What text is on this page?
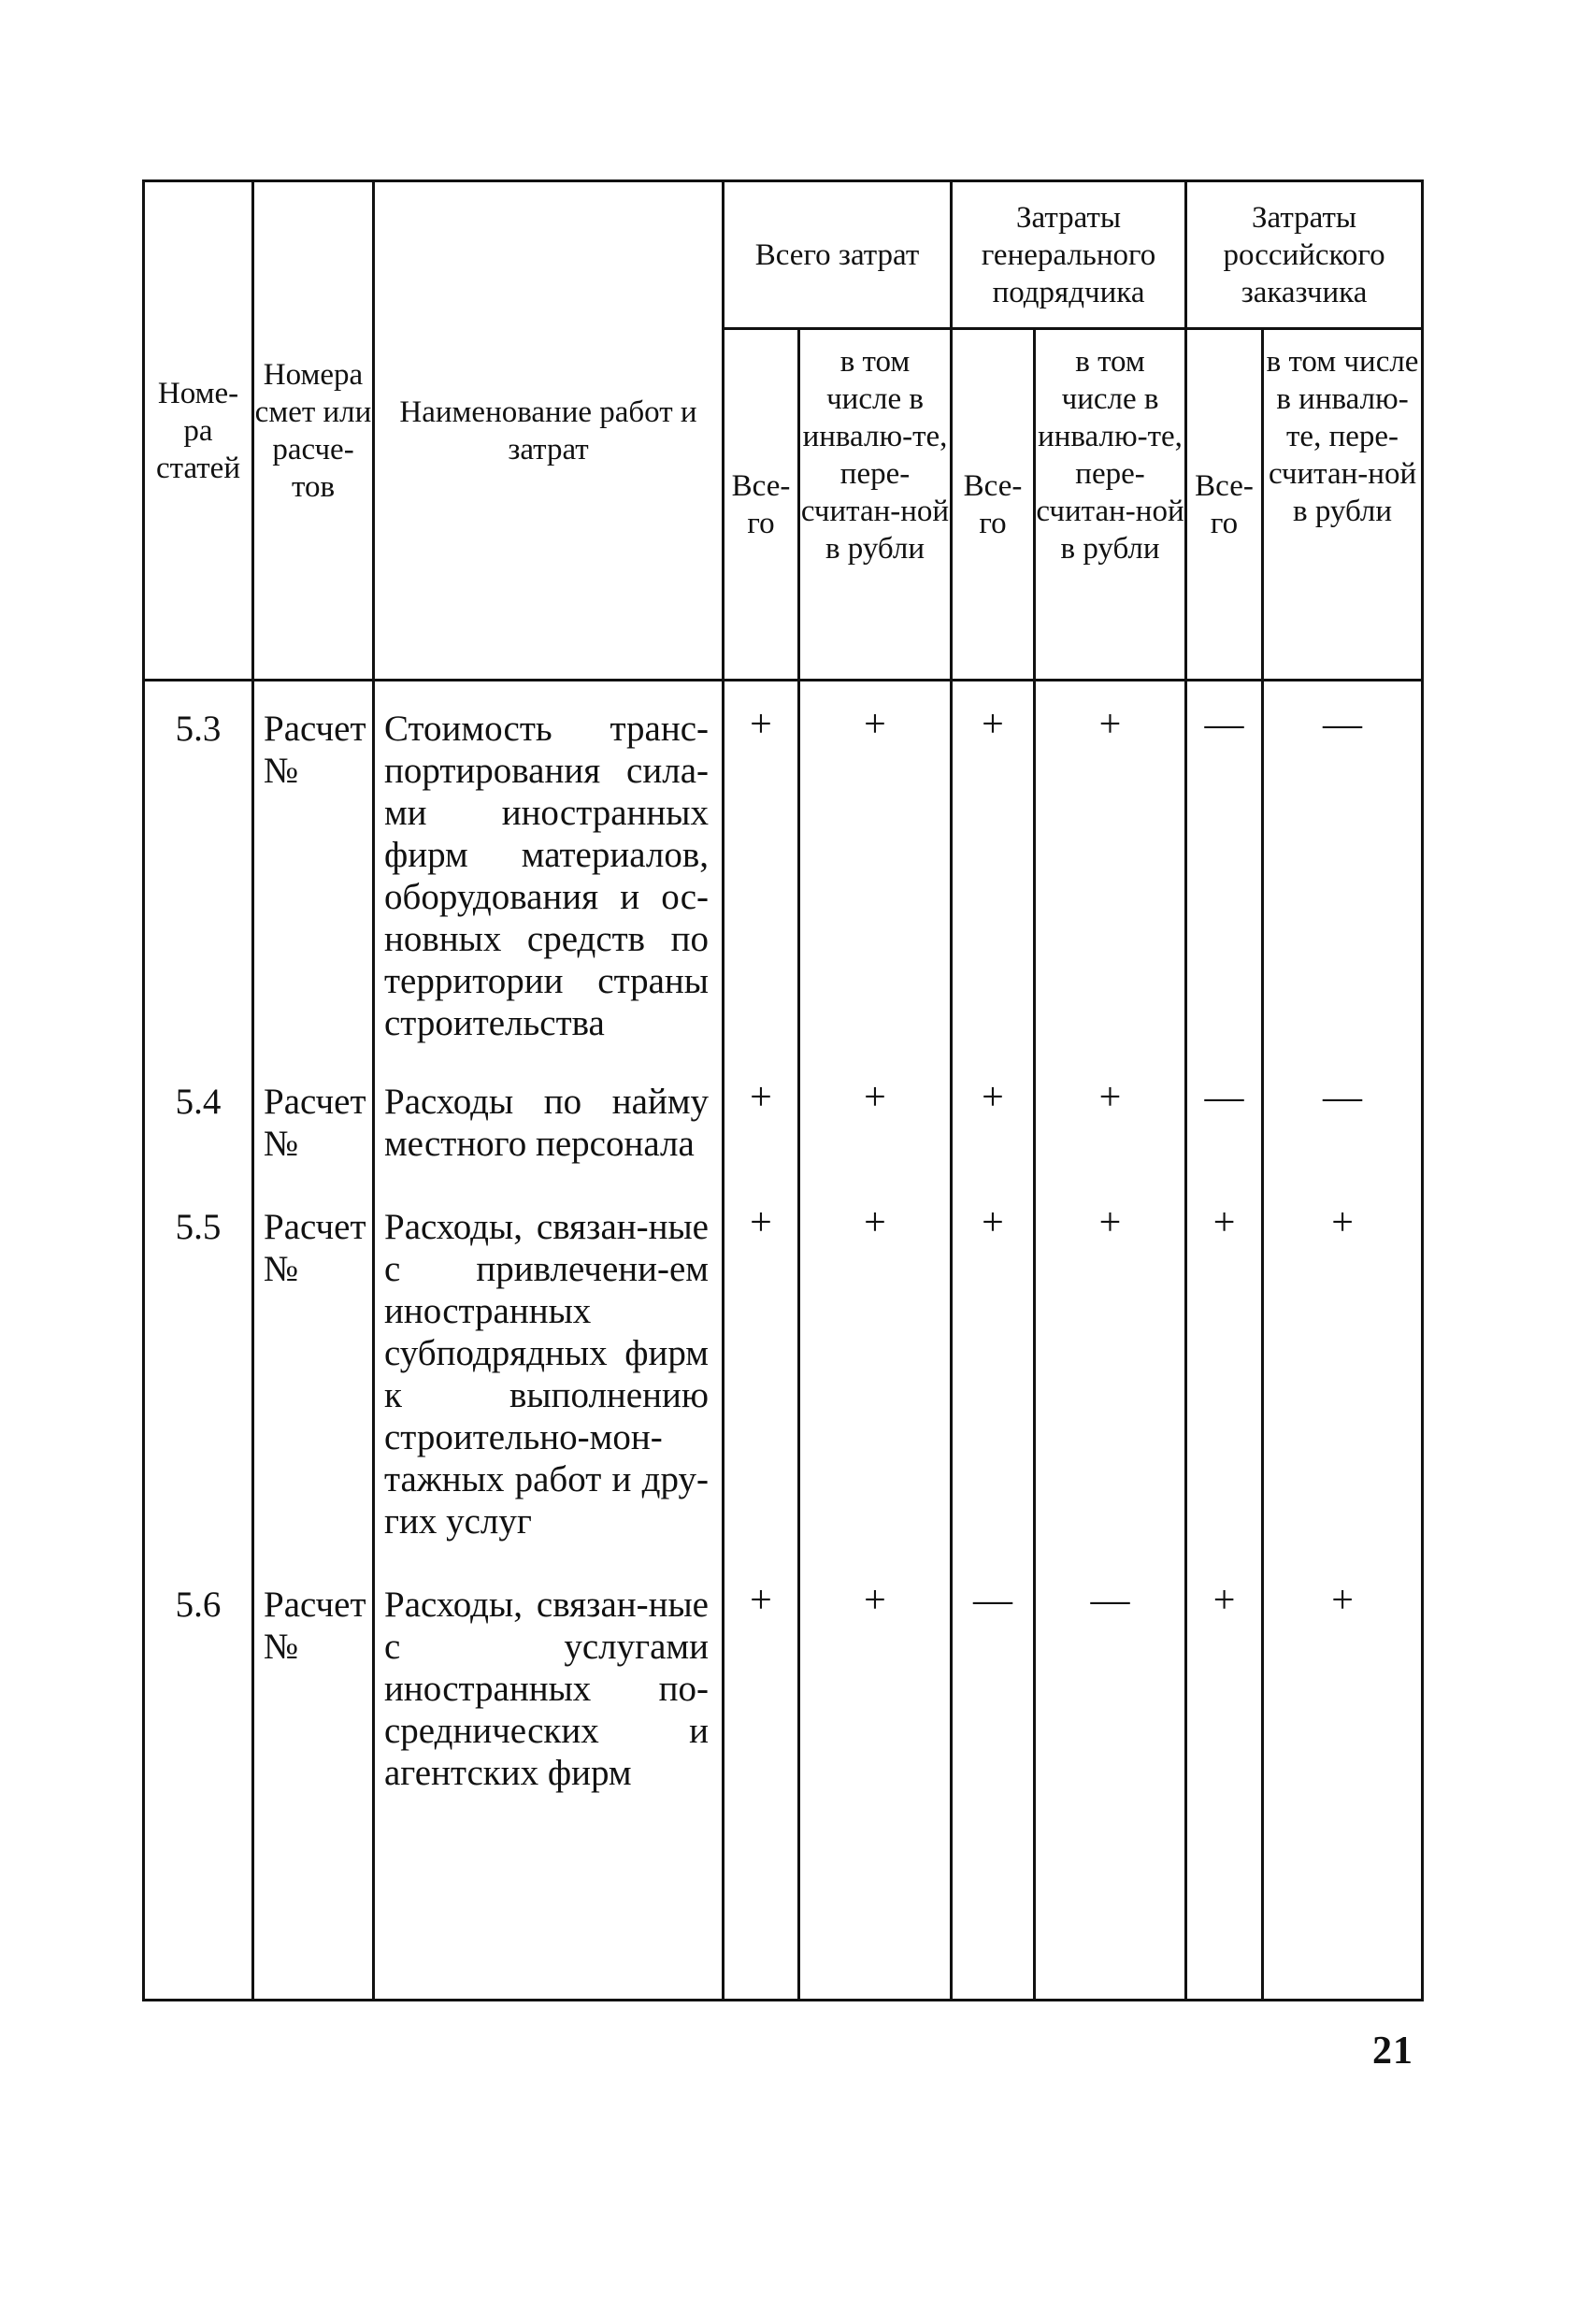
Номе-ра статей	Номера смет или расче-тов	Наименование работ и затрат	Всего затрат		Затраты генерального подрядчика		Затраты российского заказчика	
			Все-го	в том числе в инвалю-те, пере-считан-ной в рубли	Все-го	в том числе в инвалю-те, пере-считан-ной в рубли	Все-го	в том числе в инвалю-те, пере-считан-ной в рубли
5.3	Расчет №	Стоимость транс-портирования сила-ми иностранных фирм материалов, оборудования и ос-новных средств по территории страны строительства	+	+	+	+	—	—
5.4	Расчет №	Расходы по найму местного персонала	+	+	+	+	—	—
5.5	Расчет №	Расходы, связан-ные с привлечени-ем иностранных субподрядных фирм к выполнению строительно-мон-тажных работ и дру-гих услуг	+	+	+	+	+	+
5.6	Расчет №	Расходы, связан-ные с услугами иностранных по-среднических и агентских фирм	+	+	—	—	+	+
21
